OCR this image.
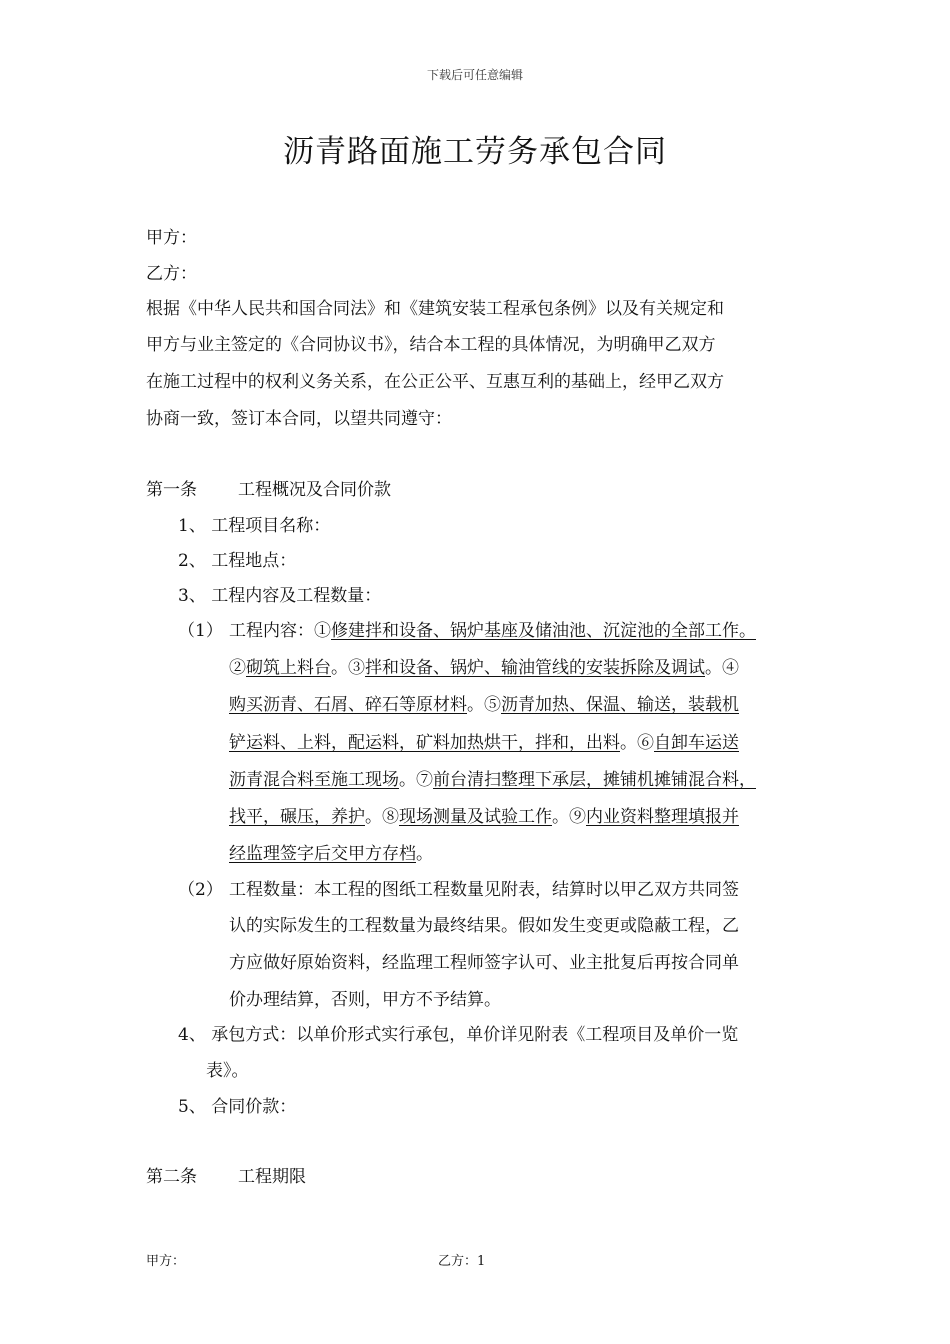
下载后可任意编辑
沥青路面施工劳务承包合同
甲方：
乙方：
根据《中华人民共和国合同法》和《建筑安装工程承包条例》以及有关规定和
甲方与业主签定的《合同协议书》，结合本工程的具体情况，为明确甲乙双方
在施工过程中的权利义务关系，在公正公平、互惠互利的基础上，经甲乙双方
协商一致，签订本合同，以望共同遵守：
第一条 工程概况及合同价款
1、 工程项目名称：
2、 工程地点：
3、 工程内容及工程数量：
（1） 工程内容：①修建拌和设备、锅炉基座及储油池、沉淀池的全部工作。
②砌筑上料台。③拌和设备、锅炉、输油管线的安装拆除及调试。④
购买沥青、石屑、碎石等原材料。⑤沥青加热、保温、输送，装载机
铲运料、上料，配运料，矿料加热烘干，拌和，出料。⑥自卸车运送
沥青混合料至施工现场。⑦前台清扫整理下承层，摊铺机摊铺混合料，
找平，碾压，养护。⑧现场测量及试验工作。⑨内业资料整理填报并
经监理签字后交甲方存档。
（2） 工程数量：本工程的图纸工程数量见附表，结算时以甲乙双方共同签
认的实际发生的工程数量为最终结果。假如发生变更或隐蔽工程，乙
方应做好原始资料，经监理工程师签字认可、业主批复后再按合同单
价办理结算，否则，甲方不予结算。
4、 承包方式：以单价形式实行承包，单价详见附表《工程项目及单价一览
表》。
5、 合同价款：
第二条 工程期限
甲方：	乙方：1
